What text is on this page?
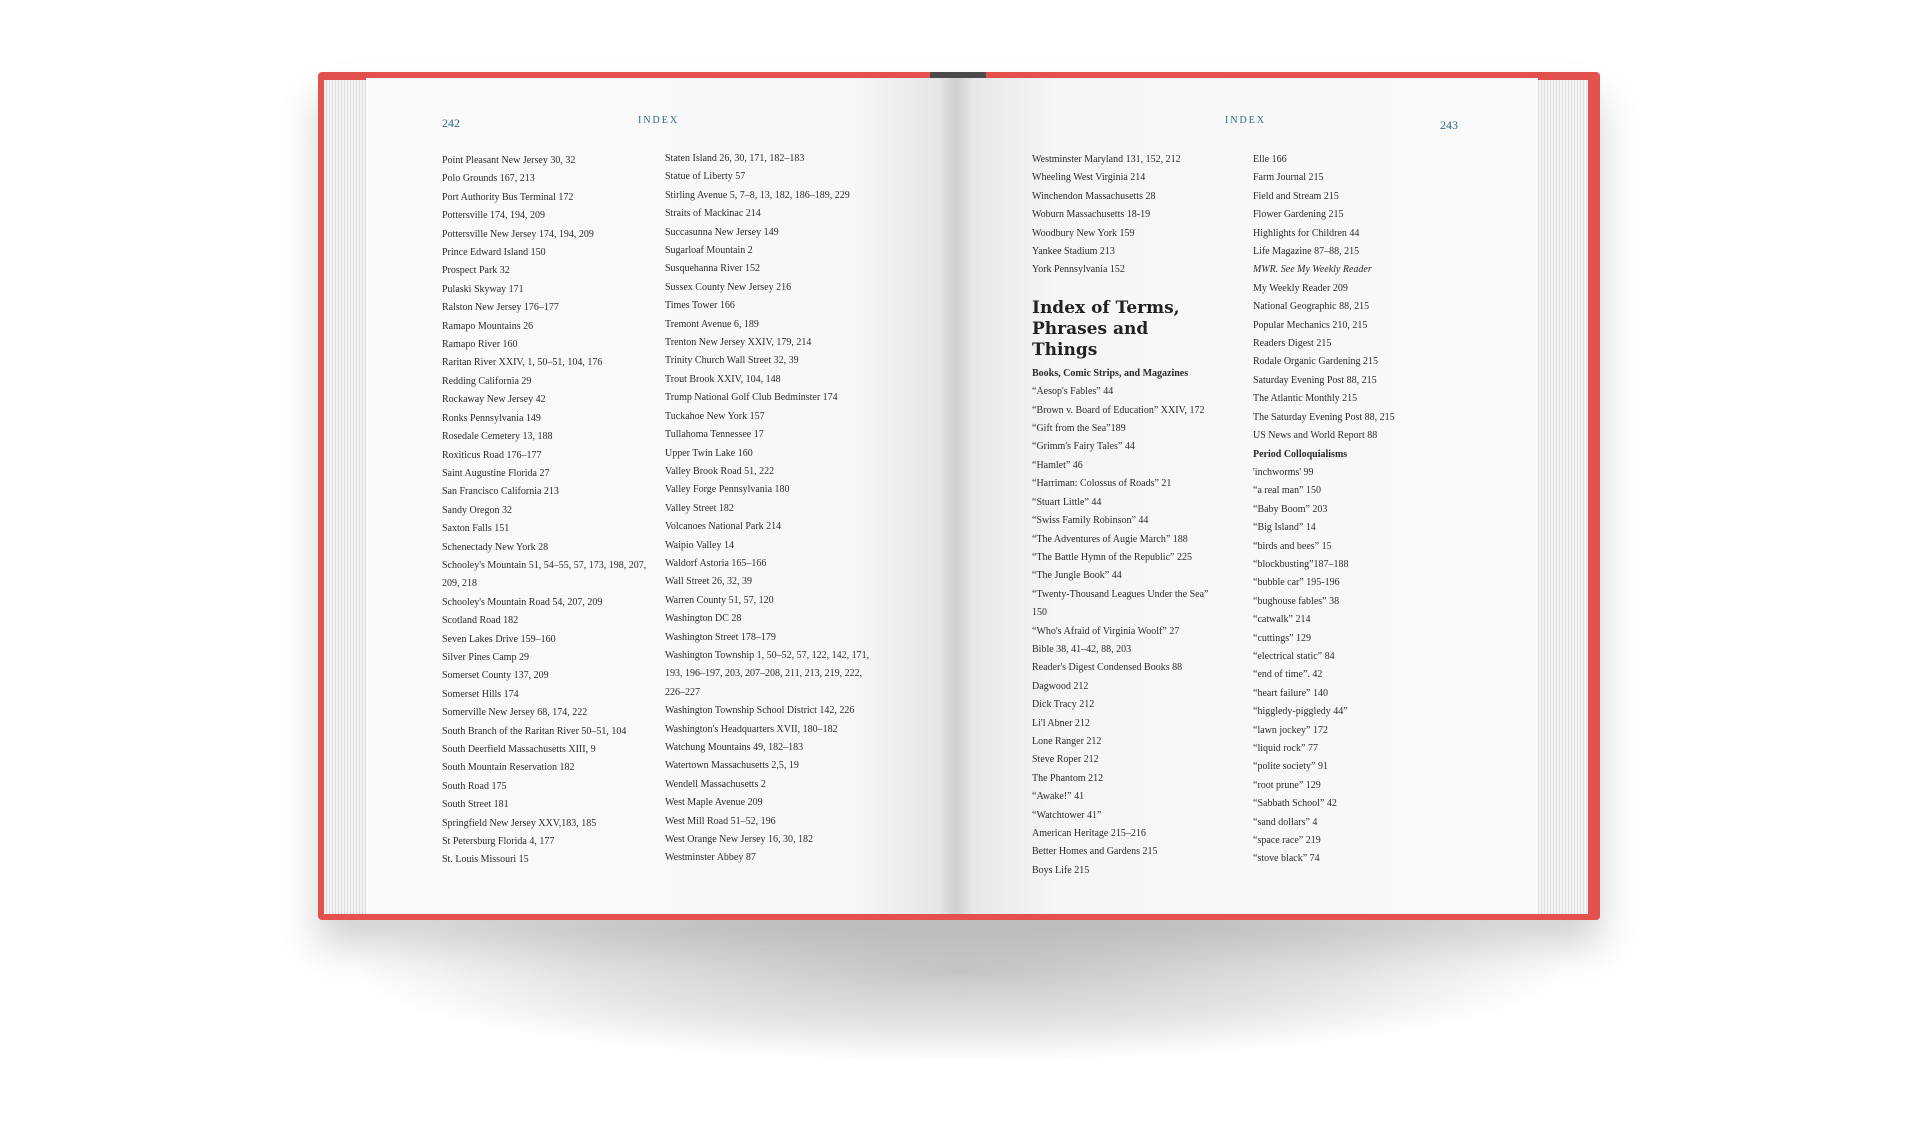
242	INDEX	INDEX	243
Point Pleasant New Jersey 30, 32
Polo Grounds 167, 213
Port Authority Bus Terminal 172
Pottersville 174, 194, 209
Pottersville New Jersey 174, 194, 209
Prince Edward Island 150
Prospect Park 32
Pulaski Skyway 171
Ralston New Jersey 176–177
Ramapo Mountains 26
Ramapo River 160
Raritan River XXIV, 1, 50–51, 104, 176
Redding California 29
Rockaway New Jersey 42
Ronks Pennsylvania 149
Rosedale Cemetery 13, 188
Roxiticus Road 176–177
Saint Augustine Florida 27
San Francisco California 213
Sandy Oregon 32
Saxton Falls 151
Schenectady New York 28
Schooley's Mountain 51, 54–55, 57, 173, 198, 207, 209, 218
Schooley's Mountain Road 54, 207, 209
Scotland Road 182
Seven Lakes Drive 159–160
Silver Pines Camp 29
Somerset County 137, 209
Somerset Hills 174
Somerville New Jersey 68, 174, 222
South Branch of the Raritan River 50–51, 104
South Deerfield Massachusetts XIII, 9
South Mountain Reservation 182
South Road 175
South Street 181
Springfield New Jersey XXV,183, 185
St Petersburg Florida 4, 177
St. Louis Missouri 15
Staten Island 26, 30, 171, 182–183
Statue of Liberty 57
Stirling Avenue 5, 7–8, 13, 182, 186–189, 229
Straits of Mackinac 214
Succasunna New Jersey 149
Sugarloaf Mountain 2
Susquehanna River 152
Sussex County New Jersey 216
Times Tower 166
Tremont Avenue 6, 189
Trenton New Jersey XXIV, 179, 214
Trinity Church Wall Street 32, 39
Trout Brook XXIV, 104, 148
Trump National Golf Club Bedminster 174
Tuckahoe New York 157
Tullahoma Tennessee 17
Upper Twin Lake 160
Valley Brook Road 51, 222
Valley Forge Pennsylvania 180
Valley Street 182
Volcanoes National Park 214
Waipio Valley 14
Waldorf Astoria 165–166
Wall Street 26, 32, 39
Warren County 51, 57, 120
Washington DC 28
Washington Street 178–179
Washington Township 1, 50–52, 57, 122, 142, 171, 193, 196–197, 203, 207–208, 211, 213, 219, 222, 226–227
Washington Township School District 142, 226
Washington's Headquarters XVII, 180–182
Watchung Mountains 49, 182–183
Watertown Massachusetts 2,5, 19
Wendell Massachusetts 2
West Maple Avenue 209
West Mill Road 51–52, 196
West Orange New Jersey 16, 30, 182
Westminster Abbey 87
Westminster Maryland 131, 152, 212
Wheeling West Virginia 214
Winchendon Massachusetts 28
Woburn Massachusetts 18-19
Woodbury New York 159
Yankee Stadium 213
York Pennsylvania 152
Index of Terms,
Phrases and Things
Books, Comic Strips, and Magazines
“Aesop's Fables” 44
“Brown v. Board of Education” XXIV, 172
“Gift from the Sea”189
“Grimm's Fairy Tales” 44
“Hamlet” 46
“Harriman: Colossus of Roads” 21
“Stuart Little” 44
“Swiss Family Robinson” 44
“The Adventures of Augie March” 188
“The Battle Hymn of the Republic” 225
“The Jungle Book” 44
“Twenty-Thousand Leagues Under the Sea” 150
“Who's Afraid of Virginia Woolf” 27
Bible 38, 41–42, 88, 203
Reader's Digest Condensed Books 88
Dagwood 212
Dick Tracy 212
Li'l Abner 212
Lone Ranger 212
Steve Roper 212
The Phantom 212
“Awake!” 41
“Watchtower 41”
American Heritage 215–216
Better Homes and Gardens 215
Boys Life 215
Elle 166
Farm Journal 215
Field and Stream 215
Flower Gardening 215
Highlights for Children 44
Life Magazine 87–88, 215
MWR. See My Weekly Reader
My Weekly Reader 209
National Geographic 88, 215
Popular Mechanics 210, 215
Readers Digest 215
Rodale Organic Gardening 215
Saturday Evening Post 88, 215
The Atlantic Monthly 215
The Saturday Evening Post 88, 215
US News and World Report 88
Period Colloquialisms
'inchworms' 99
“a real man” 150
“Baby Boom” 203
“Big Island” 14
“birds and bees” 15
“blockbusting”187–188
“bubble car” 195-196
“bughouse fables” 38
“catwalk” 214
“cuttings” 129
“electrical static” 84
“end of time”. 42
“heart failure” 140
“higgledy-piggledy 44”
“lawn jockey” 172
“liquid rock” 77
“polite society” 91
“root prune” 129
“Sabbath School” 42
“sand dollars” 4
“space race” 219
“stove black” 74
